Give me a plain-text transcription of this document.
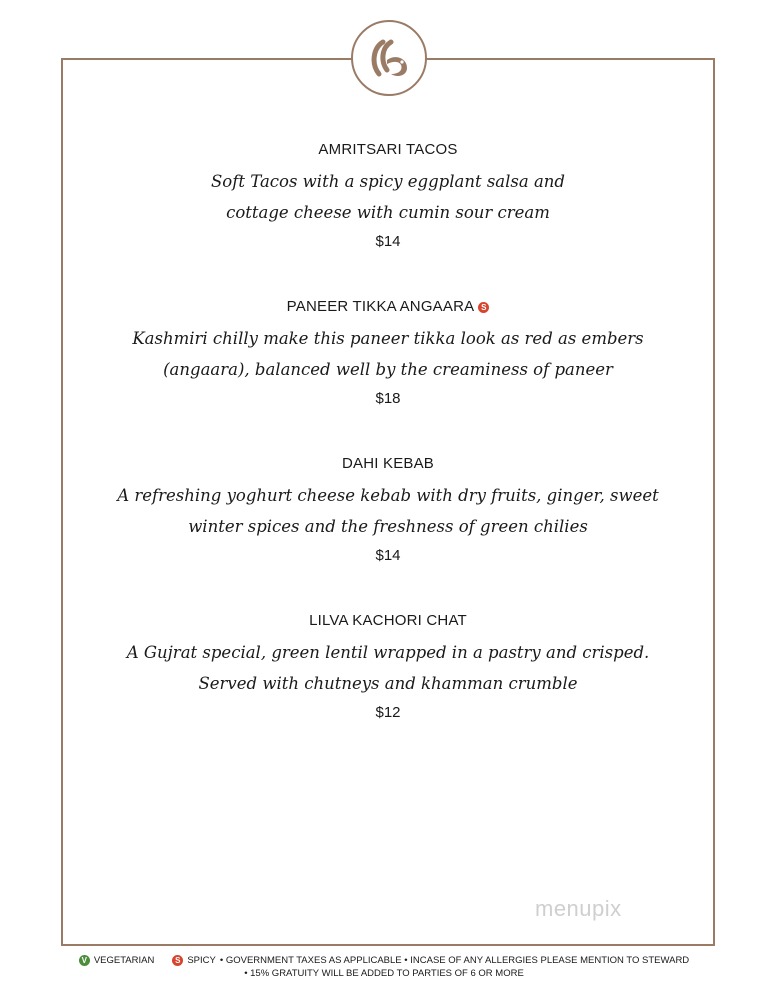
AMRITSARI TACOS
Soft Tacos with a spicy eggplant salsa and
cottage cheese with cumin sour cream
$14
PANEER TIKKA ANGAARA S
Kashmiri chilly make this paneer tikka look as red as embers
(angaara), balanced well by the creaminess of paneer
$18
DAHI KEBAB
A refreshing yoghurt cheese kebab with dry fruits, ginger, sweet
winter spices and the freshness of green chilies
$14
LILVA KACHORI CHAT
A Gujrat special, green lentil wrapped in a pastry and crisped.
Served with chutneys and khamman crumble
$12
menupix
V VEGETARIAN	S SPICY • GOVERNMENT TAXES AS APPLICABLE • INCASE OF ANY ALLERGIES PLEASE MENTION TO STEWARD
• 15% GRATUITY WILL BE ADDED TO PARTIES OF 6 OR MORE
